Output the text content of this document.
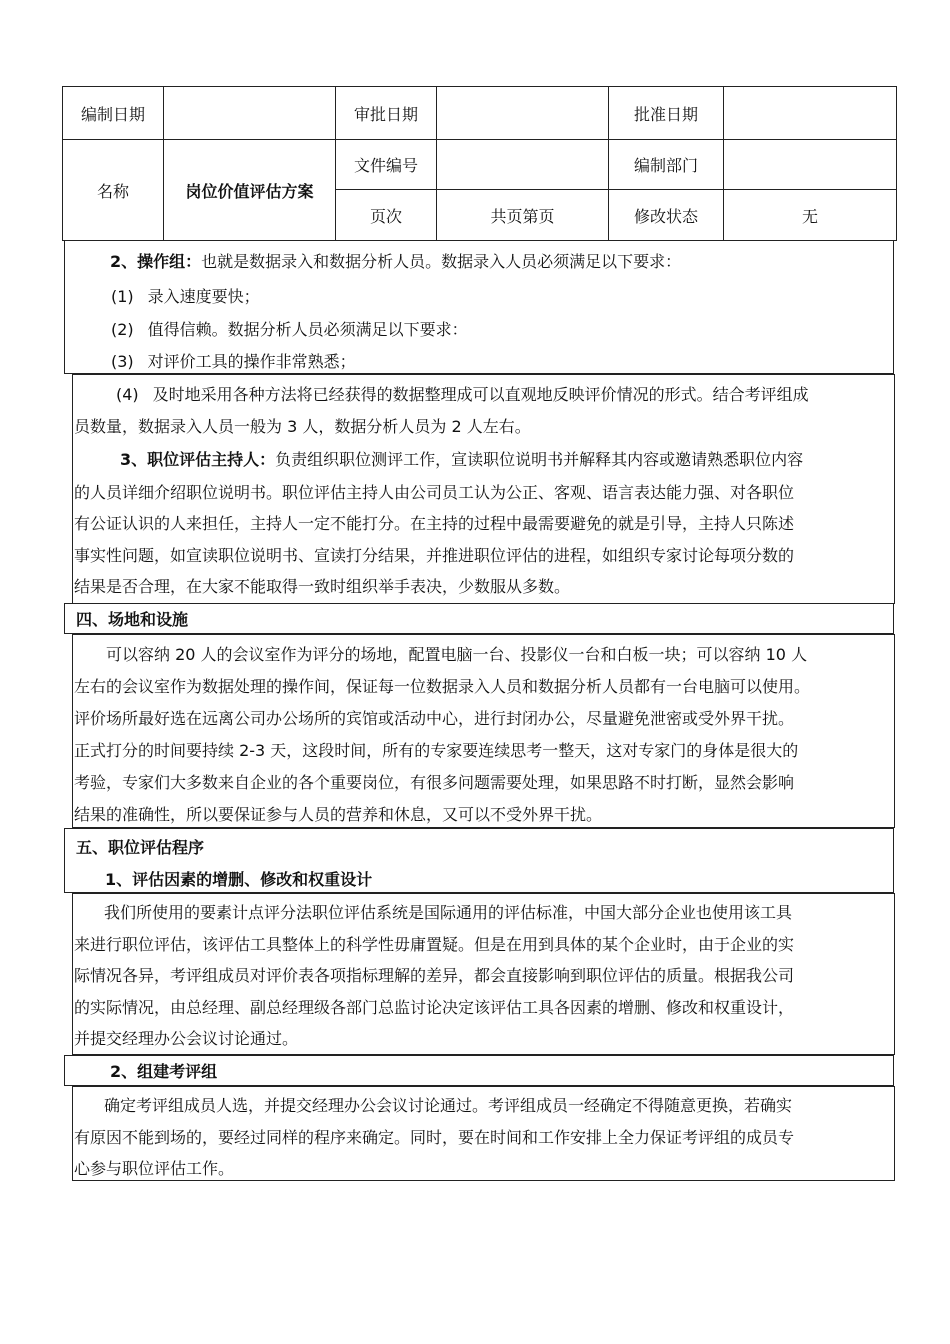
编制日期		审批日期		批准日期	
名称	岗位价值评估方案	文件编号		编制部门	
		页次	共页第页	修改状态	无
2、操作组：也就是数据录入和数据分析人员。数据录入人员必须满足以下要求：
(1) 录入速度要快；
(2) 值得信赖。数据分析人员必须满足以下要求：
(3) 对评价工具的操作非常熟悉；
(4) 及时地采用各种方法将已经获得的数据整理成可以直观地反映评价情况的形式。结合考评组成
员数量，数据录入人员一般为 3 人，数据分析人员为 2 人左右。
3、职位评估主持人：负责组织职位测评工作，宣读职位说明书并解释其内容或邀请熟悉职位内容
的人员详细介绍职位说明书。职位评估主持人由公司员工认为公正、客观、语言表达能力强、对各职位
有公证认识的人来担任，主持人一定不能打分。在主持的过程中最需要避免的就是引导，主持人只陈述
事实性问题，如宣读职位说明书、宣读打分结果，并推进职位评估的进程，如组织专家讨论每项分数的
结果是否合理，在大家不能取得一致时组织举手表决，少数服从多数。
四、场地和设施
可以容纳 20 人的会议室作为评分的场地，配置电脑一台、投影仪一台和白板一块；可以容纳 10 人
左右的会议室作为数据处理的操作间，保证每一位数据录入人员和数据分析人员都有一台电脑可以使用。
评价场所最好选在远离公司办公场所的宾馆或活动中心，进行封闭办公，尽量避免泄密或受外界干扰。
正式打分的时间要持续 2-3 天，这段时间，所有的专家要连续思考一整天，这对专家门的身体是很大的
考验，专家们大多数来自企业的各个重要岗位，有很多问题需要处理，如果思路不时打断，显然会影响
结果的准确性，所以要保证参与人员的营养和休息，又可以不受外界干扰。
五、职位评估程序
1、评估因素的增删、修改和权重设计
我们所使用的要素计点评分法职位评估系统是国际通用的评估标准，中国大部分企业也使用该工具
来进行职位评估，该评估工具整体上的科学性毋庸置疑。但是在用到具体的某个企业时，由于企业的实
际情况各异，考评组成员对评价表各项指标理解的差异，都会直接影响到职位评估的质量。根据我公司
的实际情况，由总经理、副总经理级各部门总监讨论决定该评估工具各因素的增删、修改和权重设计，
并提交经理办公会议讨论通过。
2、组建考评组
确定考评组成员人选，并提交经理办公会议讨论通过。考评组成员一经确定不得随意更换，若确实
有原因不能到场的，要经过同样的程序来确定。同时，要在时间和工作安排上全力保证考评组的成员专
心参与职位评估工作。
